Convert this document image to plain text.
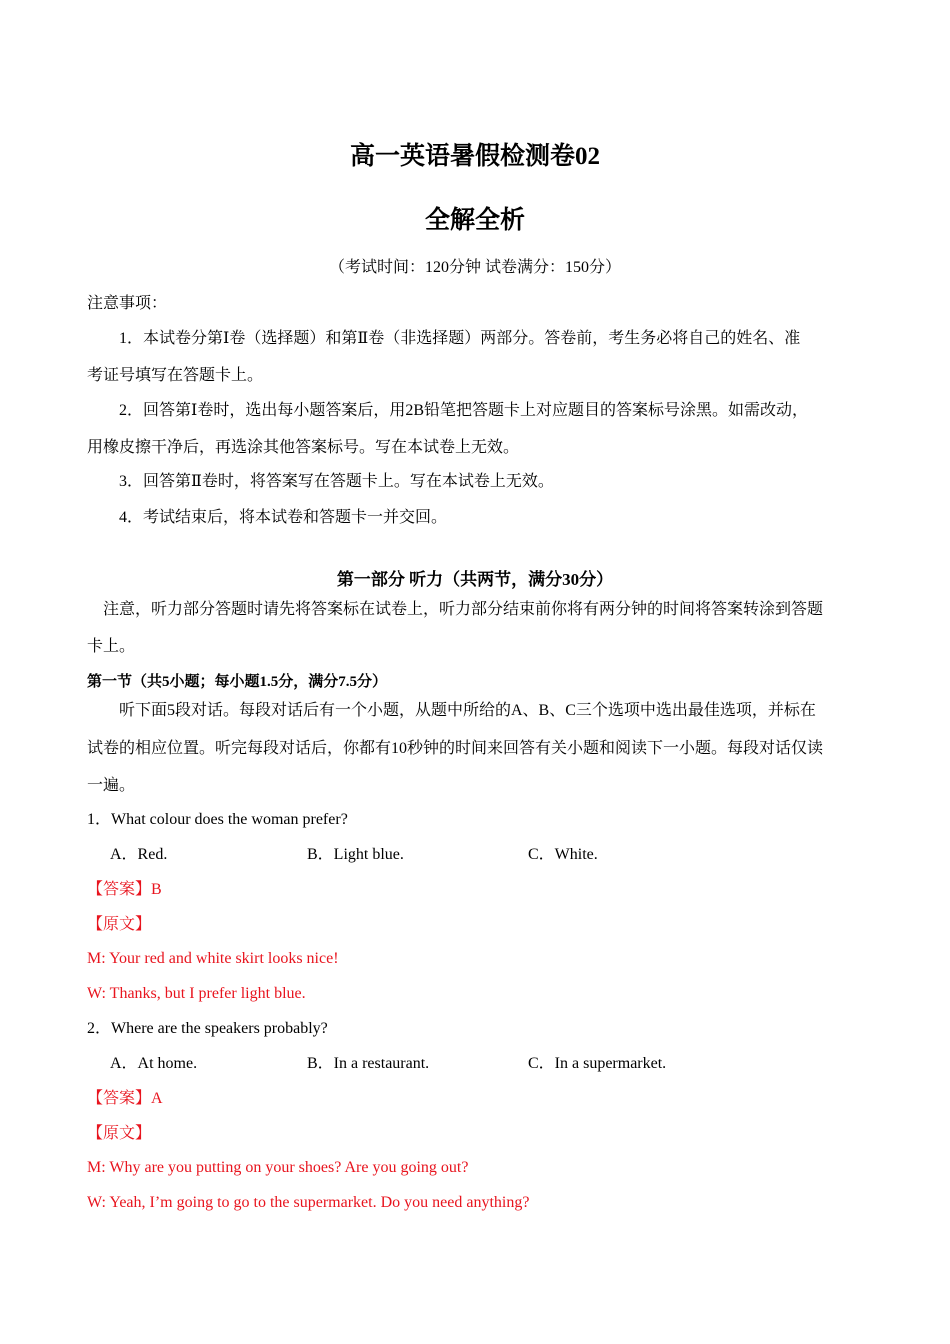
高一英语暑假检测卷02
全解全析
（考试时间：120分钟 试卷满分：150分）
注意事项：
1．本试卷分第Ⅰ卷（选择题）和第Ⅱ卷（非选择题）两部分。答卷前，考生务必将自己的姓名、准
考证号填写在答题卡上。
2．回答第Ⅰ卷时，选出每小题答案后，用2B铅笔把答题卡上对应题目的答案标号涂黑。如需改动，
用橡皮擦干净后，再选涂其他答案标号。写在本试卷上无效。
3．回答第Ⅱ卷时，将答案写在答题卡上。写在本试卷上无效。
4．考试结束后，将本试卷和答题卡一并交回。
第一部分 听力（共两节，满分30分）
注意，听力部分答题时请先将答案标在试卷上，听力部分结束前你将有两分钟的时间将答案转涂到答题
卡上。
第一节（共5小题；每小题1.5分，满分7.5分）
听下面5段对话。每段对话后有一个小题，从题中所给的A、B、C三个选项中选出最佳选项，并标在
试卷的相应位置。听完每段对话后，你都有10秒钟的时间来回答有关小题和阅读下一小题。每段对话仅读
一遍。
1．What colour does the woman prefer?
A．Red.	B．Light blue.	C．White.
【答案】B
【原文】
M: Your red and white skirt looks nice!
W: Thanks, but I prefer light blue.
2．Where are the speakers probably?
A．At home.	B．In a restaurant.	C．In a supermarket.
【答案】A
【原文】
M: Why are you putting on your shoes? Are you going out?
W: Yeah, I’m going to go to the supermarket. Do you need anything?
